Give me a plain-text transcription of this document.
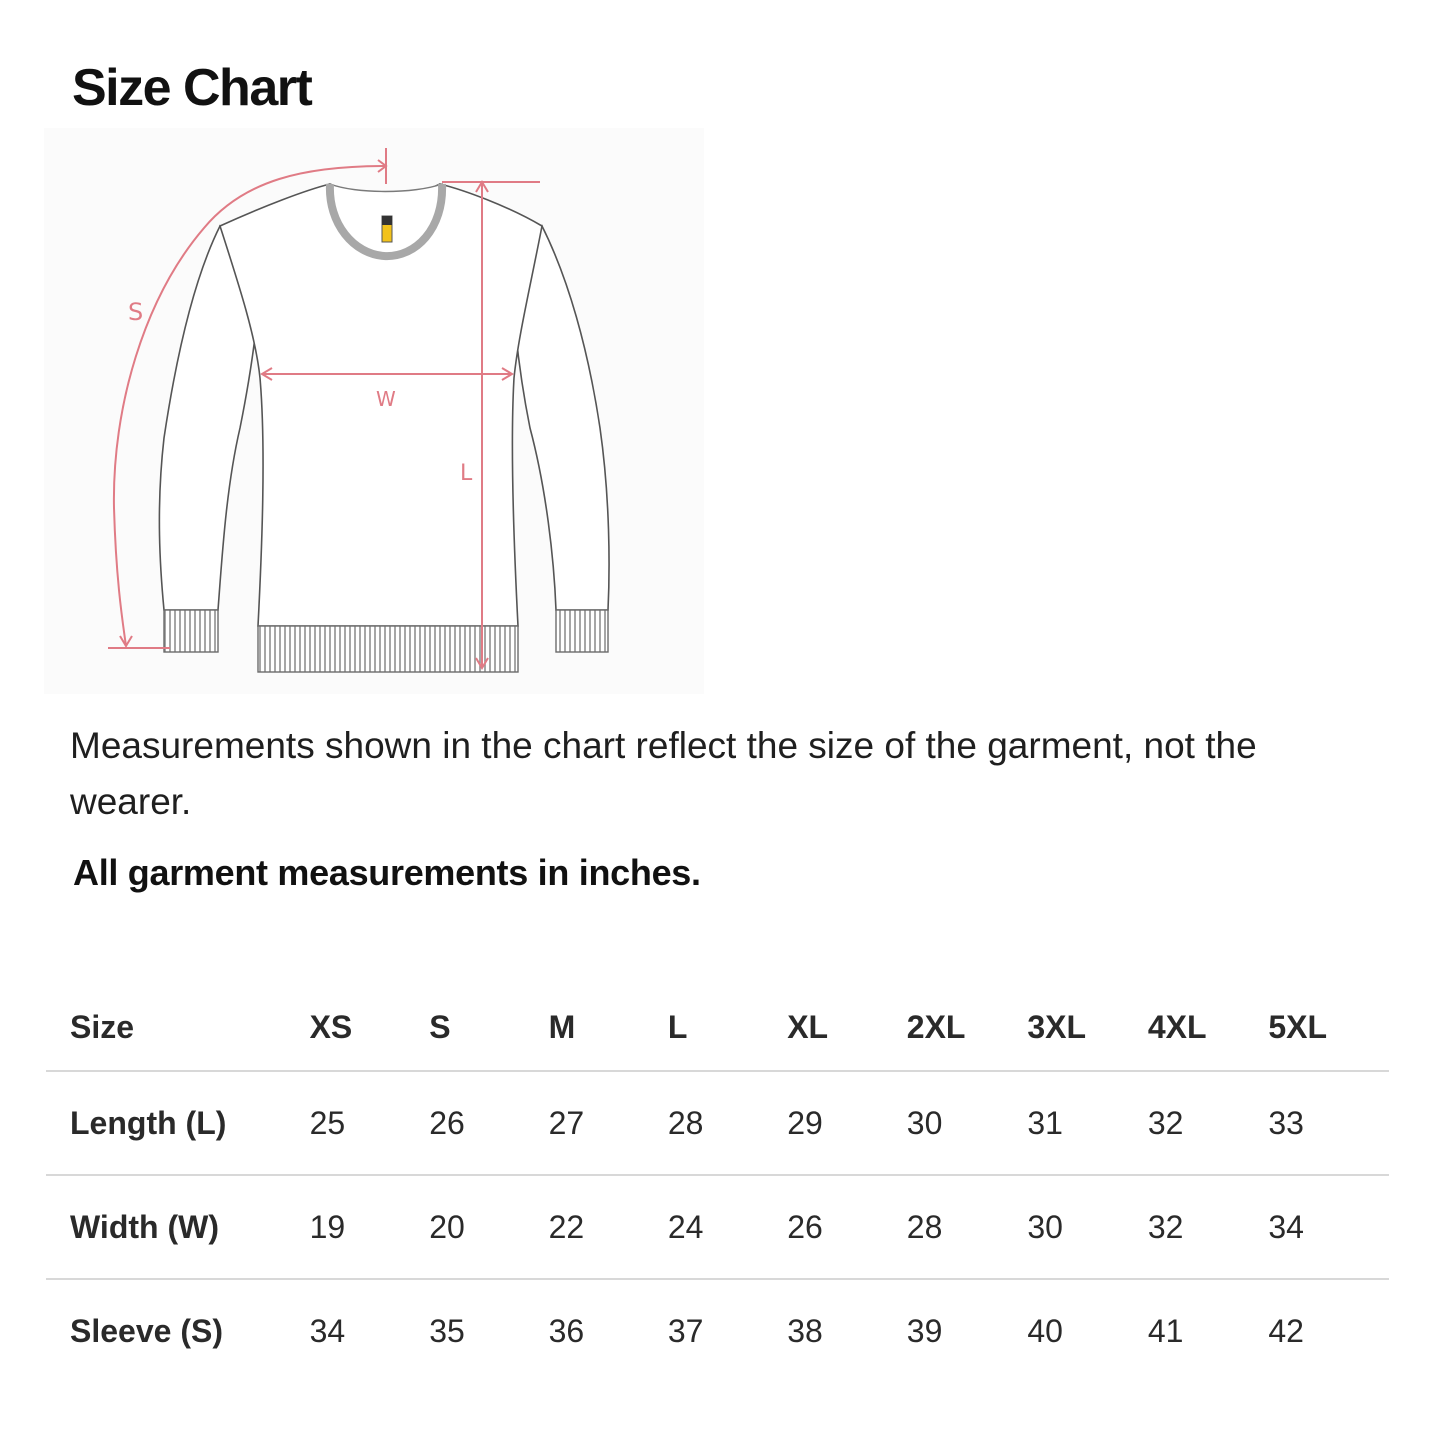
Size Chart
S
W
L

Measurements shown in the chart reflect the size of the garment, not the wearer.

All garment measurements in inches.

Size	XS	S	M	L	XL	2XL	3XL	4XL	5XL
Length (L)	25	26	27	28	29	30	31	32	33
Width (W)	19	20	22	24	26	28	30	32	34
Sleeve (S)	34	35	36	37	38	39	40	41	42
